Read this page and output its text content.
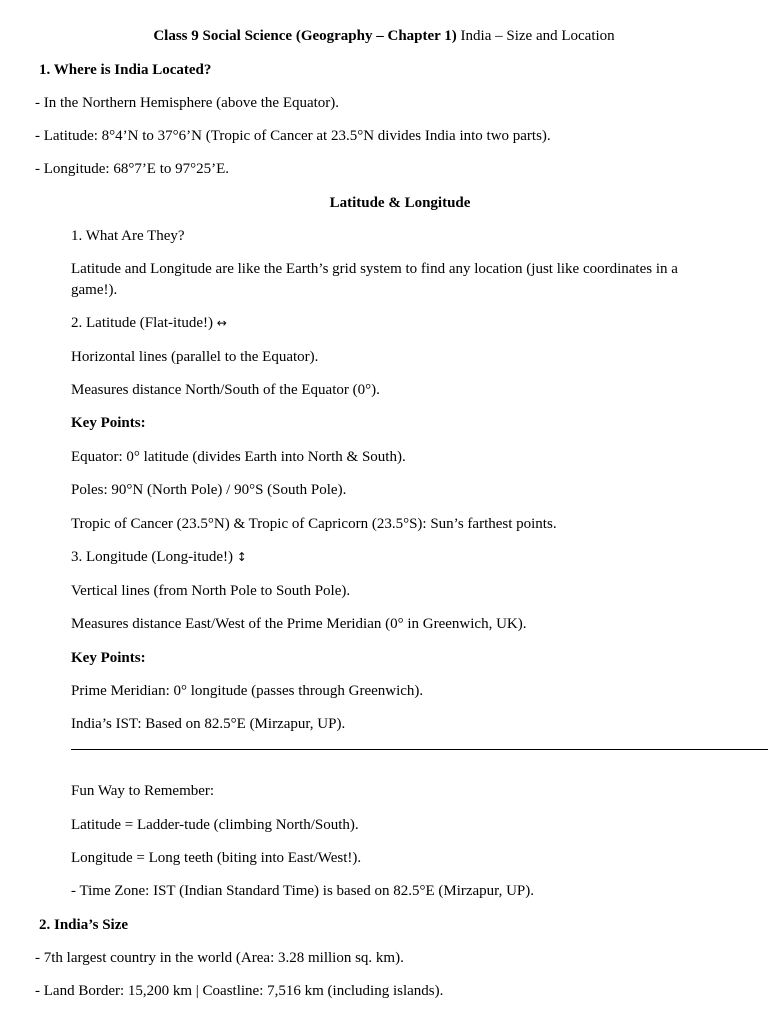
Class 9 Social Science (Geography – Chapter 1) India – Size and Location

1. Where is India Located?

- In the Northern Hemisphere (above the Equator).

- Latitude: 8°4’N to 37°6’N (Tropic of Cancer at 23.5°N divides India into two parts).

- Longitude: 68°7’E to 97°25’E.

Latitude & Longitude

1. What Are They?

Latitude and Longitude are like the Earth’s grid system to find any location (just like coordinates in a game!).

2. Latitude (Flat-itude!) ↔

Horizontal lines (parallel to the Equator).

Measures distance North/South of the Equator (0°).

Key Points:

Equator: 0° latitude (divides Earth into North & South).

Poles: 90°N (North Pole) / 90°S (South Pole).

Tropic of Cancer (23.5°N) & Tropic of Capricorn (23.5°S): Sun’s farthest points.

3. Longitude (Long-itude!) ↕

Vertical lines (from North Pole to South Pole).

Measures distance East/West of the Prime Meridian (0° in Greenwich, UK).

Key Points:

Prime Meridian: 0° longitude (passes through Greenwich).

India’s IST: Based on 82.5°E (Mirzapur, UP).

Fun Way to Remember:

Latitude = Ladder-tude (climbing North/South).

Longitude = Long teeth (biting into East/West!).

- Time Zone: IST (Indian Standard Time) is based on 82.5°E (Mirzapur, UP).

2. India’s Size

- 7th largest country in the world (Area: 3.28 million sq. km).

- Land Border: 15,200 km | Coastline: 7,516 km (including islands).
